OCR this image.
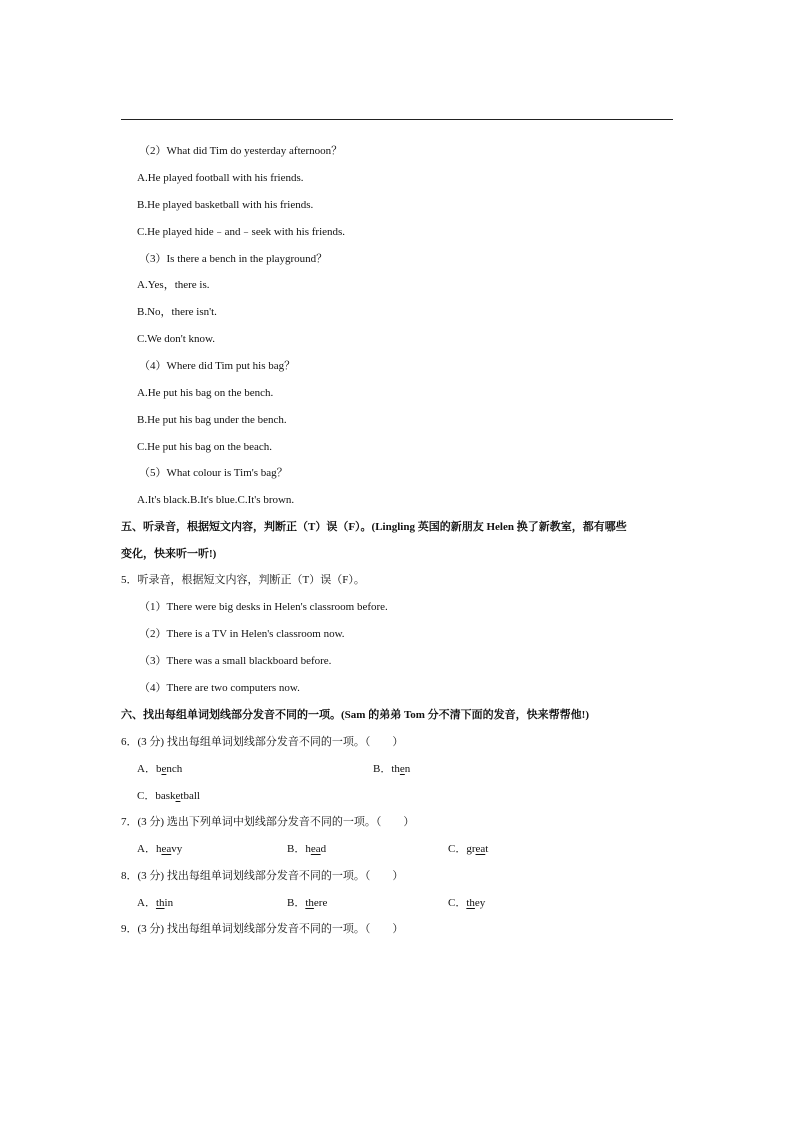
（2）What did Tim do yesterday afternoon？
A.He played football with his friends.
B.He played basketball with his friends.
C.He played hide﹣and﹣seek with his friends.
（3）Is there a bench in the playground？
A.Yes，there is.
B.No，there isn't.
C.We don't know.
（4）Where did Tim put his bag？
A.He put his bag on the bench.
B.He put his bag under the bench.
C.He put his bag on the beach.
（5）What colour is Tim's bag？
A.It's black.B.It's blue.C.It's brown.
五、听录音，根据短文内容，判断正（T）误（F）。(Lingling 英国的新朋友 Helen 换了新教室，都有哪些
变化，快来听一听!)
5．听录音，根据短文内容，判断正（T）误（F）。
（1）There were big desks in Helen's classroom before.
（2）There is a TV in Helen's classroom now.
（3）There was a small blackboard before.
（4）There are two computers now.
六、找出每组单词划线部分发音不同的一项。(Sam 的弟弟 Tom 分不清下面的发音，快来帮帮他!)
6．(3 分) 找出每组单词划线部分发音不同的一项。（　　）
A．bench	B．then
C．basketball
7．(3 分) 选出下列单词中划线部分发音不同的一项。（　　）
A．heavy	B．head	C．great
8．(3 分) 找出每组单词划线部分发音不同的一项。（　　）
A．thin	B．there	C．they
9．(3 分) 找出每组单词划线部分发音不同的一项。（　　）
